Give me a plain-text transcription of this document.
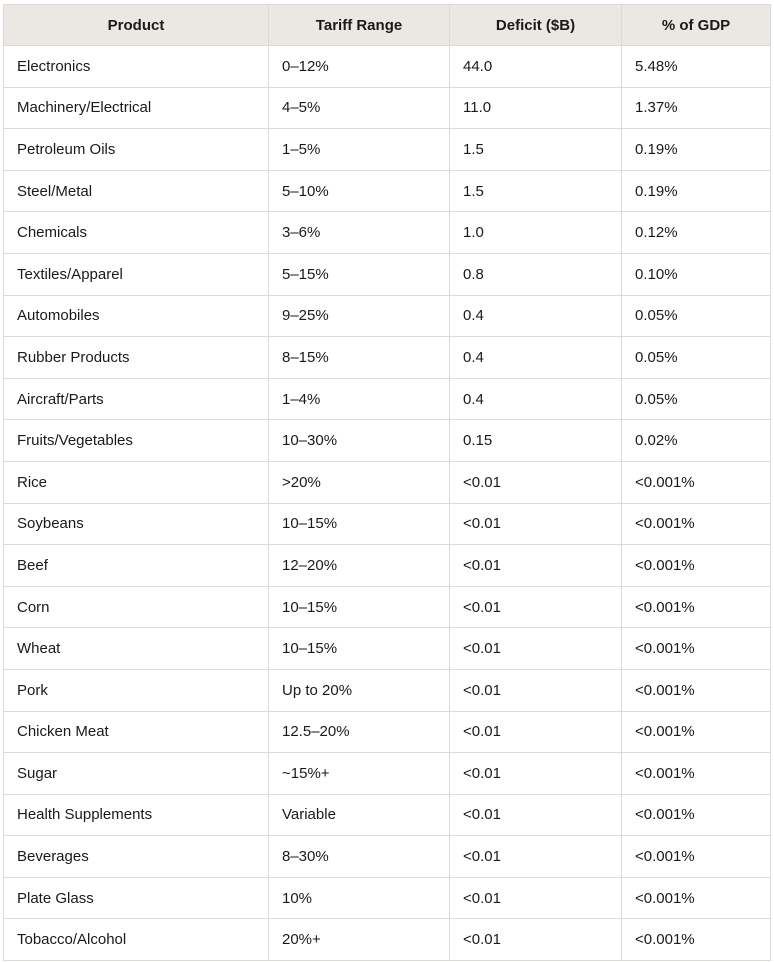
Product	Tariff Range	Deficit ($B)	% of GDP
Electronics	0–12%	44.0	5.48%
Machinery/Electrical	4–5%	11.0	1.37%
Petroleum Oils	1–5%	1.5	0.19%
Steel/Metal	5–10%	1.5	0.19%
Chemicals	3–6%	1.0	0.12%
Textiles/Apparel	5–15%	0.8	0.10%
Automobiles	9–25%	0.4	0.05%
Rubber Products	8–15%	0.4	0.05%
Aircraft/Parts	1–4%	0.4	0.05%
Fruits/Vegetables	10–30%	0.15	0.02%
Rice	>20%	<0.01	<0.001%
Soybeans	10–15%	<0.01	<0.001%
Beef	12–20%	<0.01	<0.001%
Corn	10–15%	<0.01	<0.001%
Wheat	10–15%	<0.01	<0.001%
Pork	Up to 20%	<0.01	<0.001%
Chicken Meat	12.5–20%	<0.01	<0.001%
Sugar	~15%+	<0.01	<0.001%
Health Supplements	Variable	<0.01	<0.001%
Beverages	8–30%	<0.01	<0.001%
Plate Glass	10%	<0.01	<0.001%
Tobacco/Alcohol	20%+	<0.01	<0.001%
